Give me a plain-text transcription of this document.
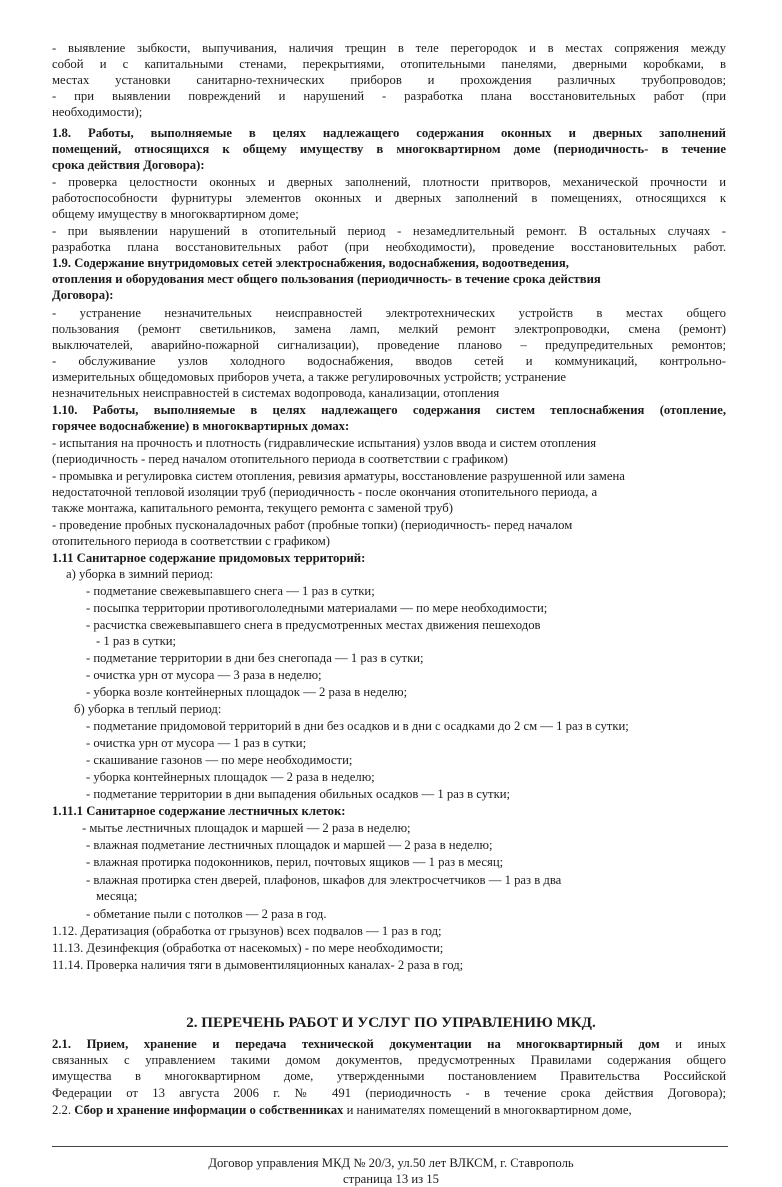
- выявление зыбкости, выпучивания, наличия трещин в теле перегородок и в местах сопряжения между
собой и с капитальными стенами, перекрытиями, отопительными панелями, дверными коробками, в
местах установки санитарно-технических приборов и прохождения различных трубопроводов;
- при выявлении повреждений и нарушений - разработка плана восстановительных работ (при
необходимости);
1.8. Работы, выполняемые в целях надлежащего содержания оконных и дверных заполнений
помещений, относящихся к общему имуществу в многоквартирном доме (периодичность- в течение
срока действия Договора):
- проверка целостности оконных и дверных заполнений, плотности притворов, механической прочности и
работоспособности фурнитуры элементов оконных и дверных заполнений в помещениях, относящихся к
общему имуществу в многоквартирном доме;
- при выявлении нарушений в отопительный период - незамедлительный ремонт. В остальных случаях -
разработка плана восстановительных работ (при необходимости), проведение восстановительных работ.
1.9. Содержание внутридомовых сетей электроснабжения, водоснабжения, водоотведения,
отопления и оборудования мест общего пользования (периодичность- в течение срока действия
Договора):
- устранение незначительных неисправностей электротехнических устройств в местах общего
пользования (ремонт светильников, замена ламп, мелкий ремонт электропроводки, смена (ремонт)
выключателей, аварийно-пожарной сигнализации), проведение планово – предупредительных ремонтов;
- обслуживание узлов холодного водоснабжения, вводов сетей и коммуникаций, контрольно-
измерительных общедомовых приборов учета, а также регулировочных устройств; устранение
незначительных неисправностей в системах водопровода, канализации, отопления
1.10. Работы, выполняемые в целях надлежащего содержания систем теплоснабжения (отопление,
горячее водоснабжение) в многоквартирных домах:
- испытания на прочность и плотность (гидравлические испытания) узлов ввода и систем отопления
(периодичность - перед началом отопительного периода в соответствии с графиком)
- промывка и регулировка систем отопления, ревизия арматуры, восстановление разрушенной или замена
недостаточной тепловой изоляции труб (периодичность - после окончания отопительного периода, а
также монтажа, капитального ремонта, текущего ремонта с заменой труб)
- проведение пробных пусконаладочных работ (пробные топки) (периодичность- перед началом
отопительного периода в соответствии с графиком)
1.11 Санитарное содержание придомовых территорий:
а) уборка в зимний период:
- подметание свежевыпавшего снега — 1 раз в сутки;
- посыпка территории противогололедными материалами — по мере необходимости;
- расчистка свежевыпавшего снега в предусмотренных местах движения пешеходов
- 1 раз в сутки;
- подметание территории в дни без снегопада — 1 раз в сутки;
- очистка урн от мусора — 3 раза в неделю;
- уборка возле контейнерных площадок — 2 раза в неделю;
б) уборка в теплый период:
- подметание придомовой территорий в дни без осадков и в дни с осадками до 2 см — 1 раз в сутки;
- очистка урн от мусора — 1 раз в сутки;
- скашивание газонов — по мере необходимости;
- уборка контейнерных площадок — 2 раза в неделю;
- подметание территории в дни выпадения обильных осадков — 1 раз в сутки;
1.11.1 Санитарное содержание лестничных клеток:
- мытье лестничных площадок и маршей — 2 раза в неделю;
- влажная подметание лестничных площадок и маршей — 2 раза в неделю;
- влажная протирка подоконников, перил, почтовых ящиков — 1 раз в месяц;
- влажная протирка стен дверей, плафонов, шкафов для электросчетчиков — 1 раз в два
месяца;
- обметание пыли с потолков — 2 раза в год.
1.12. Дератизация (обработка от грызунов) всех подвалов — 1 раз в год;
11.13. Дезинфекция (обработка от насекомых) - по мере необходимости;
11.14. Проверка наличия тяги в дымовентиляционных каналах- 2 раза в год;
2. ПЕРЕЧЕНЬ РАБОТ И УСЛУГ ПО УПРАВЛЕНИЮ МКД.
2.1. Прием, хранение и передача технической документации на многоквартирный дом и иных
связанных с управлением такими домом документов, предусмотренных Правилами содержания общего
имущества в многоквартирном доме, утвержденными постановлением Правительства Российской
Федерации от 13 августа 2006 г. № 491 (периодичность - в течение срока действия Договора);
2.2. Сбор и хранение информации о собственниках и нанимателях помещений в многоквартирном доме,
Договор управления МКД № 20/3, ул.50 лет ВЛКСМ, г. Ставрополь
страница 13 из 15
